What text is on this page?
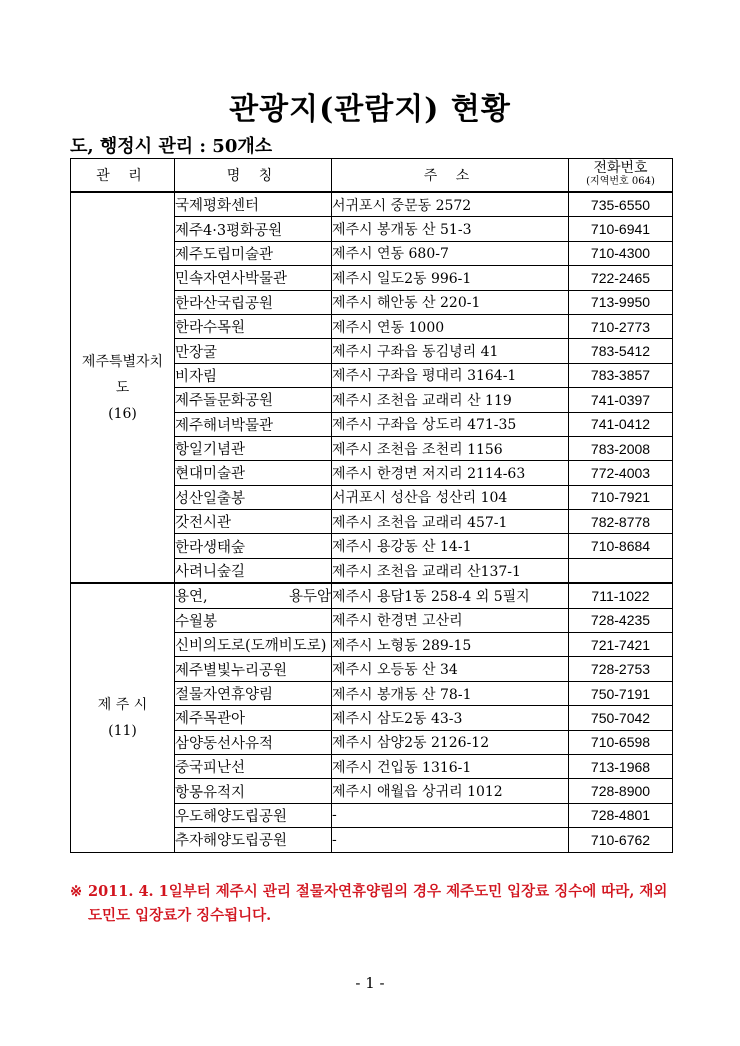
관광지(관람지) 현황
도, 행정시 관리 : 50개소
관 리	명 칭	주 소	전화번호
(지역번호 064)

제주특별자치
도
(16)	국제평화센터	서귀포시 중문동 2572	735-6550

	제주4·3평화공원	제주시 봉개동 산 51-3	710-6941

	제주도립미술관	제주시 연동 680-7	710-4300

	민속자연사박물관	제주시 일도2동 996-1	722-2465

	한라산국립공원	제주시 해안동 산 220-1	713-9950

	한라수목원	제주시 연동 1000	710-2773

	만장굴	제주시 구좌읍 동김녕리 41	783-5412

	비자림	제주시 구좌읍 평대리 3164-1	783-3857

	제주돌문화공원	제주시 조천읍 교래리 산 119	741-0397

	제주해녀박물관	제주시 구좌읍 상도리 471-35	741-0412

	항일기념관	제주시 조천읍 조천리 1156	783-2008

	현대미술관	제주시 한경면 저지리 2114-63	772-4003

	성산일출봉	서귀포시 성산읍 성산리 104	710-7921

	갓전시관	제주시 조천읍 교래리 457-1	782-8778

	한라생태숲	제주시 용강동 산 14-1	710-8684

	사려니숲길	제주시 조천읍 교래리 산137-1	

제 주 시
(11)	용연, 용두암	제주시 용담1동 258-4 외 5필지	711-1022

	수월봉	제주시 한경면 고산리	728-4235

	신비의도로(도깨비도로)	제주시 노형동 289-15	721-7421

	제주별빛누리공원	제주시 오등동 산 34	728-2753

	절물자연휴양림	제주시 봉개동 산 78-1	750-7191

	제주목관아	제주시 삼도2동 43-3	750-7042

	삼양동선사유적	제주시 삼양2동 2126-12	710-6598

	중국피난선	제주시 건입동 1316-1	713-1968

	항몽유적지	제주시 애월읍 상귀리 1012	728-8900

	우도해양도립공원	-	728-4801

	추자해양도립공원	-	710-6762
※ 2011. 4. 1일부터 제주시 관리 절물자연휴양림의 경우 제주도민 입장료 징수에 따라, 재외도민도 입장료가 징수됩니다.
- 1 -
